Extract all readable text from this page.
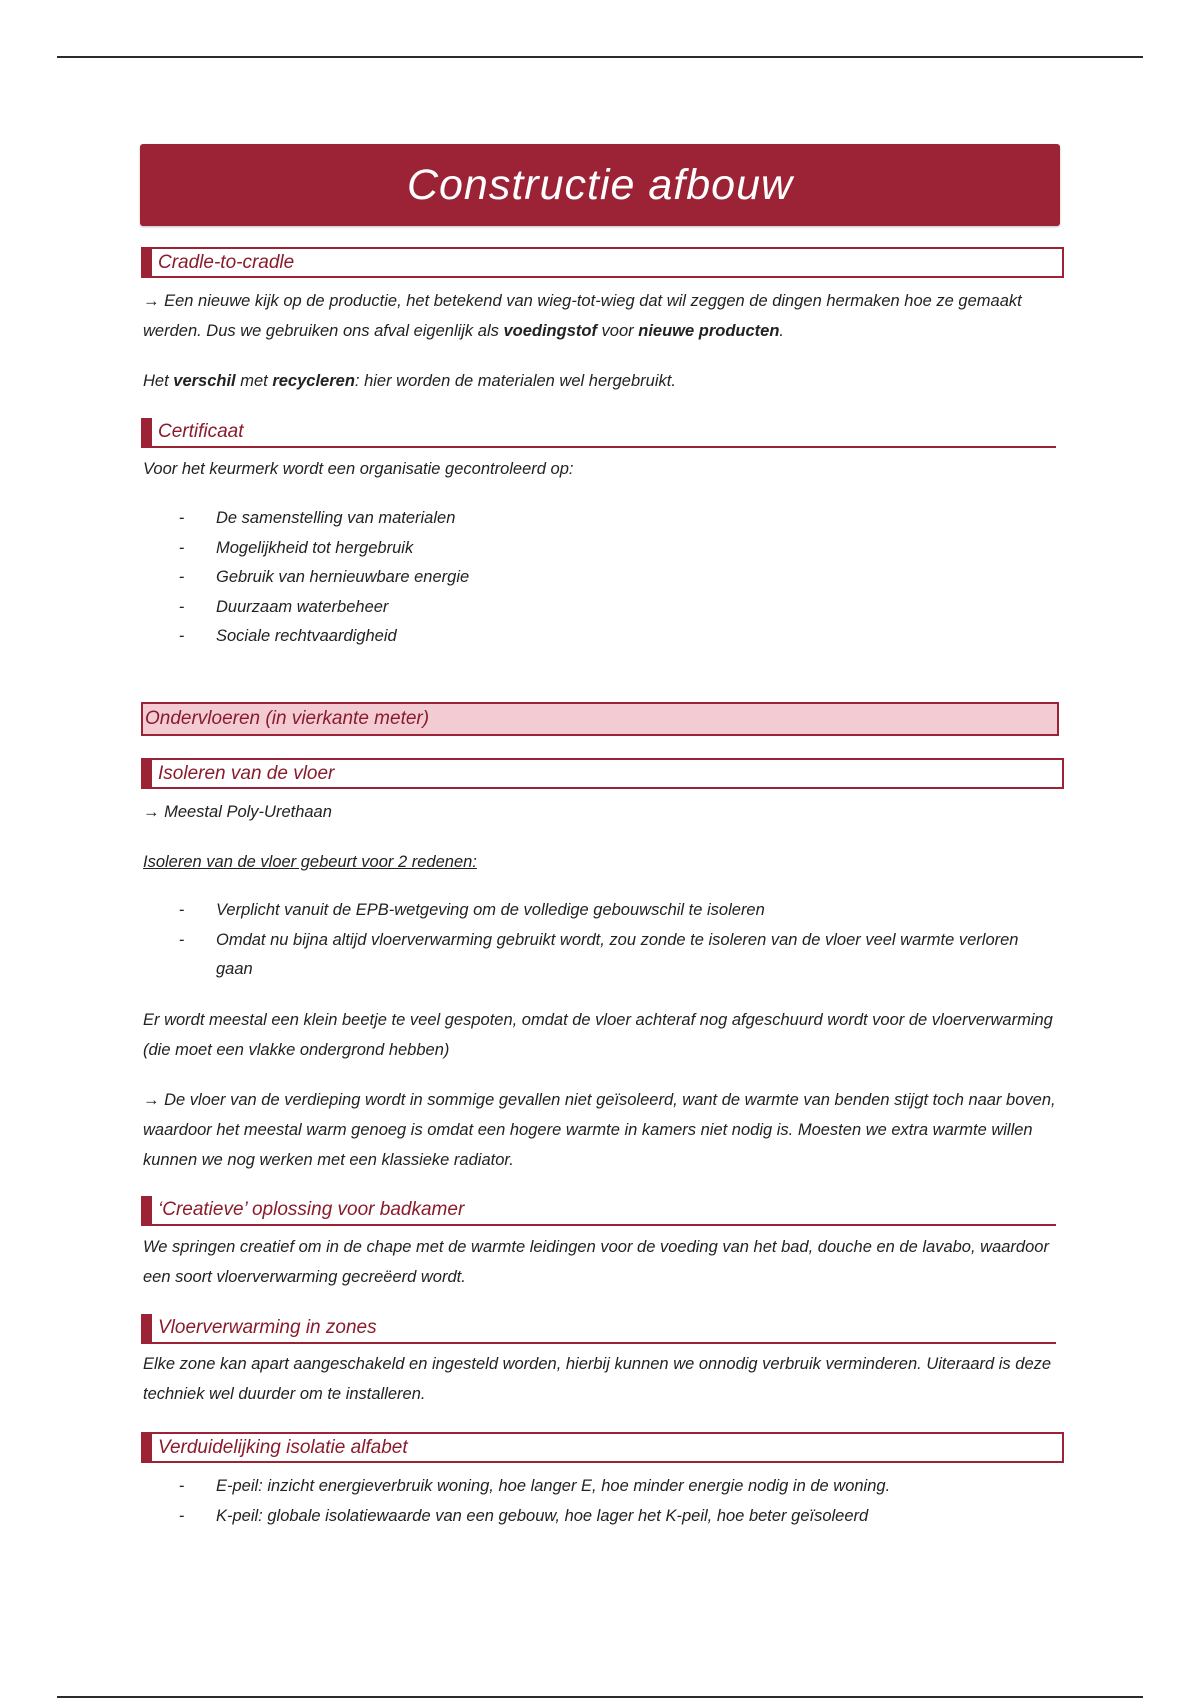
Constructie afbouw
Cradle-to-cradle
→ Een nieuwe kijk op de productie, het betekend van wieg-tot-wieg dat wil zeggen de dingen hermaken hoe ze gemaakt werden. Dus we gebruiken ons afval eigenlijk als voedingstof voor nieuwe producten.
Het verschil met recycleren: hier worden de materialen wel hergebruikt.
Certificaat
Voor het keurmerk wordt een organisatie gecontroleerd op:
- De samenstelling van materialen
- Mogelijkheid tot hergebruik
- Gebruik van hernieuwbare energie
- Duurzaam waterbeheer
- Sociale rechtvaardigheid
Ondervloeren (in vierkante meter)
Isoleren van de vloer
→ Meestal Poly-Urethaan
Isoleren van de vloer gebeurt voor 2 redenen:
- Verplicht vanuit de EPB-wetgeving om de volledige gebouwschil te isoleren
- Omdat nu bijna altijd vloerverwarming gebruikt wordt, zou zonde te isoleren van de vloer veel warmte verloren gaan
Er wordt meestal een klein beetje te veel gespoten, omdat de vloer achteraf nog afgeschuurd wordt voor de vloerverwarming (die moet een vlakke ondergrond hebben)
→ De vloer van de verdieping wordt in sommige gevallen niet geïsoleerd, want de warmte van benden stijgt toch naar boven, waardoor het meestal warm genoeg is omdat een hogere warmte in kamers niet nodig is. Moesten we extra warmte willen kunnen we nog werken met een klassieke radiator.
‘Creatieve’ oplossing voor badkamer
We springen creatief om in de chape met de warmte leidingen voor de voeding van het bad, douche en de lavabo, waardoor een soort vloerverwarming gecreëerd wordt.
Vloerverwarming in zones
Elke zone kan apart aangeschakeld en ingesteld worden, hierbij kunnen we onnodig verbruik verminderen. Uiteraard is deze techniek wel duurder om te installeren.
Verduidelijking isolatie alfabet
- E-peil: inzicht energieverbruik woning, hoe langer E, hoe minder energie nodig in de woning.
- K-peil: globale isolatiewaarde van een gebouw, hoe lager het K-peil, hoe beter geïsoleerd
